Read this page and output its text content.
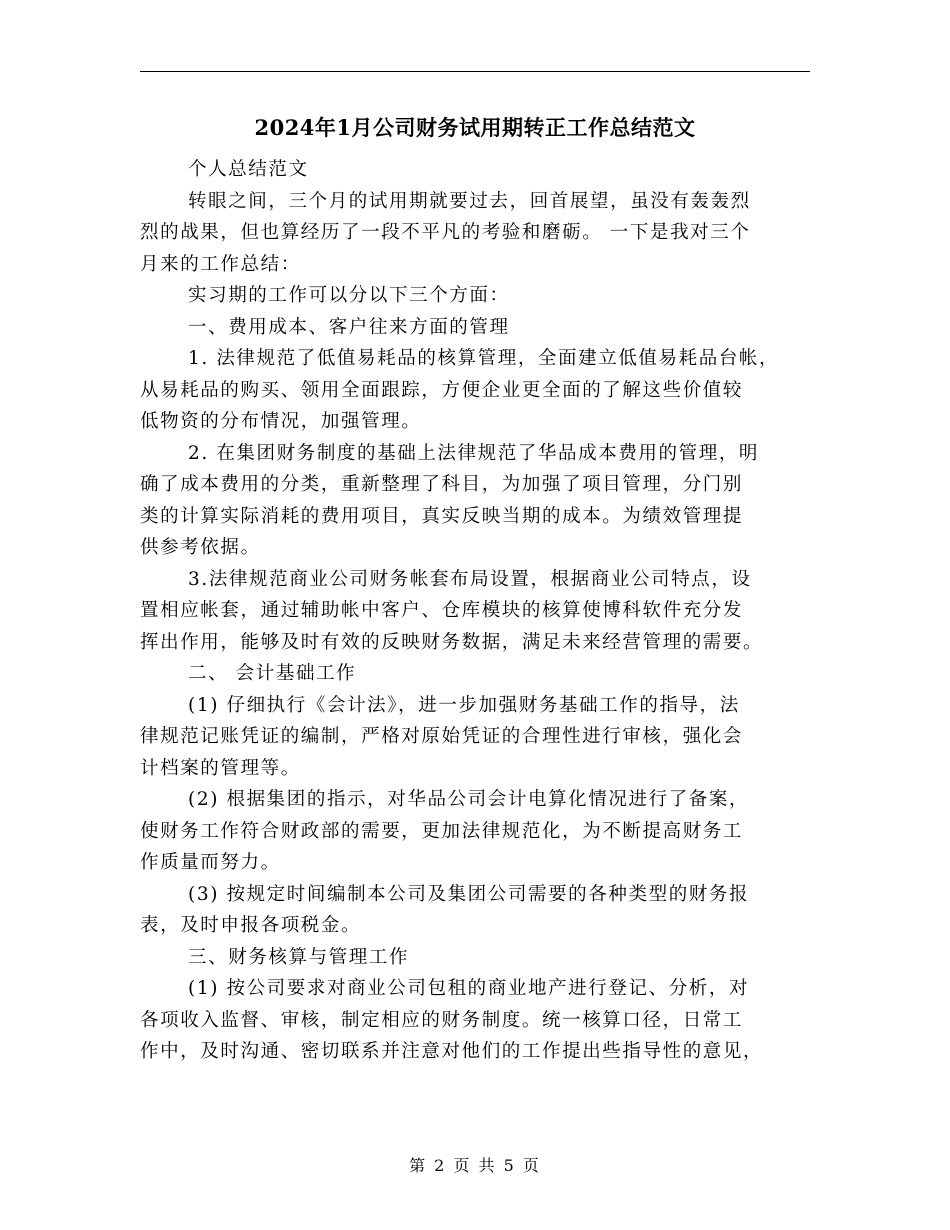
2024年1月公司财务试用期转正工作总结范文
个人总结范文
转眼之间，三个月的试用期就要过去，回首展望，虽没有轰轰烈
烈的战果，但也算经历了一段不平凡的考验和磨砺。 一下是我对三个
月来的工作总结：
实习期的工作可以分以下三个方面：
一、费用成本、客户往来方面的管理
1. 法律规范了低值易耗品的核算管理，全面建立低值易耗品台帐，
从易耗品的购买、领用全面跟踪，方便企业更全面的了解这些价值较
低物资的分布情况，加强管理。
2. 在集团财务制度的基础上法律规范了华品成本费用的管理，明
确了成本费用的分类，重新整理了科目，为加强了项目管理，分门别
类的计算实际消耗的费用项目，真实反映当期的成本。为绩效管理提
供参考依据。
3.法律规范商业公司财务帐套布局设置，根据商业公司特点，设
置相应帐套，通过辅助帐中客户、仓库模块的核算使博科软件充分发
挥出作用，能够及时有效的反映财务数据，满足未来经营管理的需要。
二、 会计基础工作
(1) 仔细执行《会计法》，进一步加强财务基础工作的指导，法
律规范记账凭证的编制，严格对原始凭证的合理性进行审核，强化会
计档案的管理等。
(2) 根据集团的指示，对华品公司会计电算化情况进行了备案，
使财务工作符合财政部的需要，更加法律规范化，为不断提高财务工
作质量而努力。
(3) 按规定时间编制本公司及集团公司需要的各种类型的财务报
表，及时申报各项税金。
三、财务核算与管理工作
(1) 按公司要求对商业公司包租的商业地产进行登记、分析，对
各项收入监督、审核，制定相应的财务制度。统一核算口径，日常工
作中，及时沟通、密切联系并注意对他们的工作提出些指导性的意见，
第 2 页 共 5 页
